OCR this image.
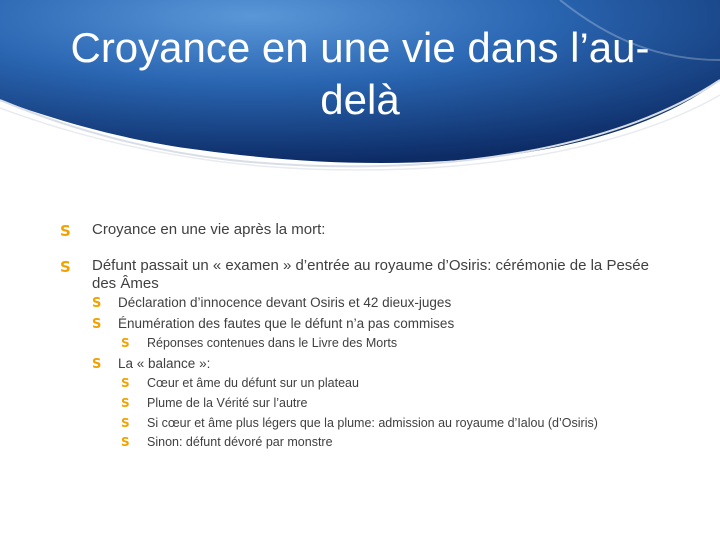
Croyance en une vie dans l’au-delà
S Croyance en une vie après la mort:
S Défunt passait un « examen » d’entrée au royaume d’Osiris: cérémonie de la Pesée des Âmes
S Déclaration d’innocence devant Osiris et 42 dieux-juges
S Énumération des fautes que le défunt n’a pas commises
S Réponses contenues dans le Livre des Morts
S La « balance »:
S Cœur et âme du défunt sur un plateau
S Plume de la Vérité sur l’autre
S Si cœur et âme plus légers que la plume: admission au royaume d’Ialou (d’Osiris)
S Sinon: défunt dévoré par monstre
